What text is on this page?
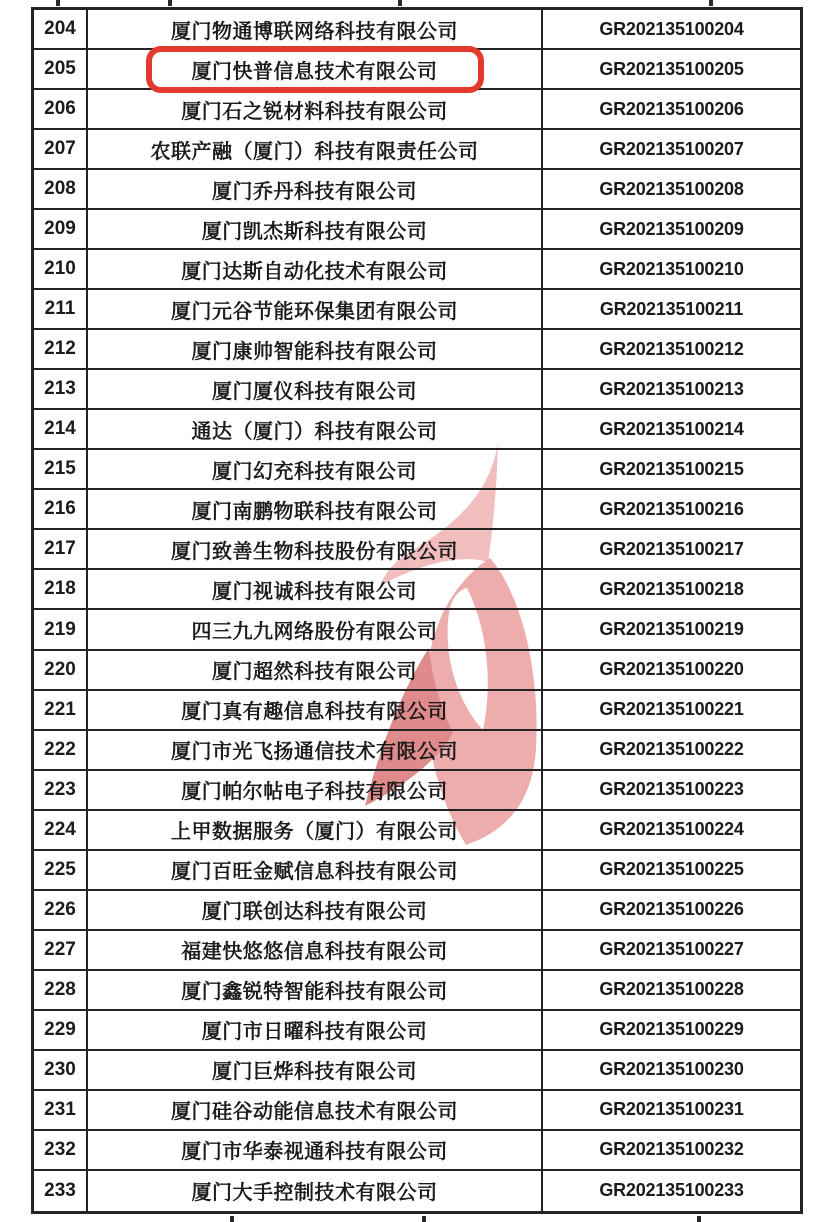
204	厦门物通博联网络科技有限公司	GR202135100204
205	厦门快普信息技术有限公司	GR202135100205
206	厦门石之锐材料科技有限公司	GR202135100206
207	农联产融（厦门）科技有限责任公司	GR202135100207
208	厦门乔丹科技有限公司	GR202135100208
209	厦门凯杰斯科技有限公司	GR202135100209
210	厦门达斯自动化技术有限公司	GR202135100210
211	厦门元谷节能环保集团有限公司	GR202135100211
212	厦门康帅智能科技有限公司	GR202135100212
213	厦门厦仪科技有限公司	GR202135100213
214	通达（厦门）科技有限公司	GR202135100214
215	厦门幻充科技有限公司	GR202135100215
216	厦门南鹏物联科技有限公司	GR202135100216
217	厦门致善生物科技股份有限公司	GR202135100217
218	厦门视诚科技有限公司	GR202135100218
219	四三九九网络股份有限公司	GR202135100219
220	厦门超然科技有限公司	GR202135100220
221	厦门真有趣信息科技有限公司	GR202135100221
222	厦门市光飞扬通信技术有限公司	GR202135100222
223	厦门帕尔帖电子科技有限公司	GR202135100223
224	上甲数据服务（厦门）有限公司	GR202135100224
225	厦门百旺金赋信息科技有限公司	GR202135100225
226	厦门联创达科技有限公司	GR202135100226
227	福建快悠悠信息科技有限公司	GR202135100227
228	厦门鑫锐特智能科技有限公司	GR202135100228
229	厦门市日曜科技有限公司	GR202135100229
230	厦门巨烨科技有限公司	GR202135100230
231	厦门硅谷动能信息技术有限公司	GR202135100231
232	厦门市华泰视通科技有限公司	GR202135100232
233	厦门大手控制技术有限公司	GR202135100233
